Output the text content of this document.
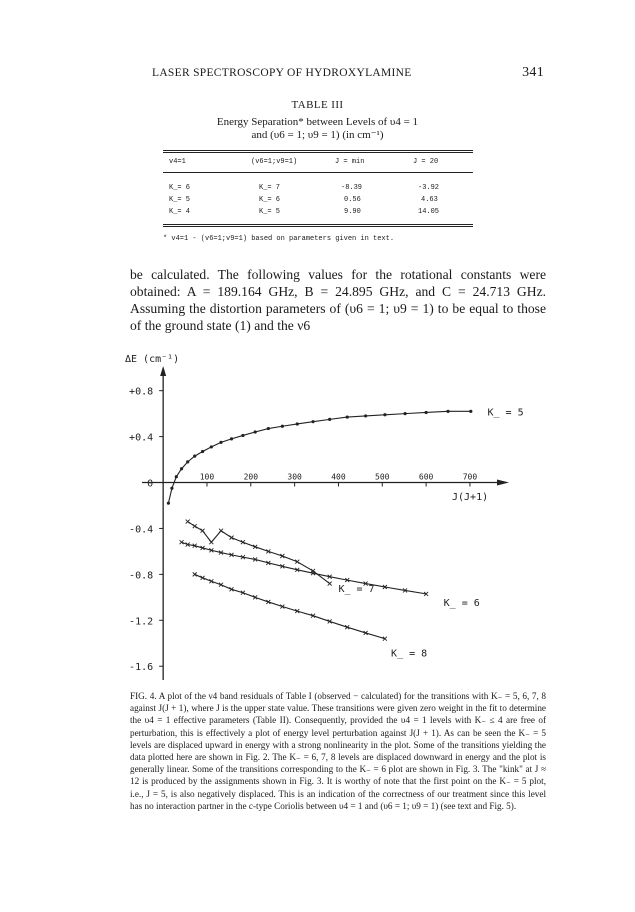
LASER SPECTROSCOPY OF HYDROXYLAMINE	341
TABLE III
Energy Separation* between Levels of υ4 = 1
and (υ6 = 1; υ9 = 1) (in cm⁻¹)
v4=1	(v6=1;v9=1)	J = min	J = 20
K_= 6	K_= 7	-8.39	-3.92
K_= 5	K_= 6	0.56	4.63
K_= 4	K_= 5	9.90	14.05
* v4=1 - (v6=1;v9=1) based on parameters given in text.
be calculated. The following values for the rotational constants were obtained: A = 189.164 GHz, B = 24.895 GHz, and C = 24.713 GHz. Assuming the distortion parameters of (υ6 = 1; υ9 = 1) to be equal to those of the ground state (1) and the ν6
ΔE (cm⁻¹)
J(J+1)
+0.8
+0.4
0
-0.4
-0.8
-1.2
-1.6
100	200	300	400	500	600	700
K_ = 5
K_ = 7
K_ = 6
K_ = 8
FIG. 4. A plot of the ν4 band residuals of Table I (observed − calculated) for the transitions with K₋ = 5, 6, 7, 8 against J(J + 1), where J is the upper state value. These transitions were given zero weight in the fit to determine the υ4 = 1 effective parameters (Table II). Consequently, provided the υ4 = 1 levels with K₋ ≤ 4 are free of perturbation, this is effectively a plot of energy level perturbation against J(J + 1). As can be seen the K₋ = 5 levels are displaced upward in energy with a strong nonlinearity in the plot. Some of the transitions yielding the data plotted here are shown in Fig. 2. The K₋ = 6, 7, 8 levels are displaced downward in energy and the plot is generally linear. Some of the transitions corresponding to the K₋ = 6 plot are shown in Fig. 3. The "kink" at J ≈ 12 is produced by the assignments shown in Fig. 3. It is worthy of note that the first point on the K₋ = 5 plot, i.e., J = 5, is also negatively displaced. This is an indication of the correctness of our treatment since this level has no interaction partner in the c-type Coriolis between υ4 = 1 and (υ6 = 1; υ9 = 1) (see text and Fig. 5).
